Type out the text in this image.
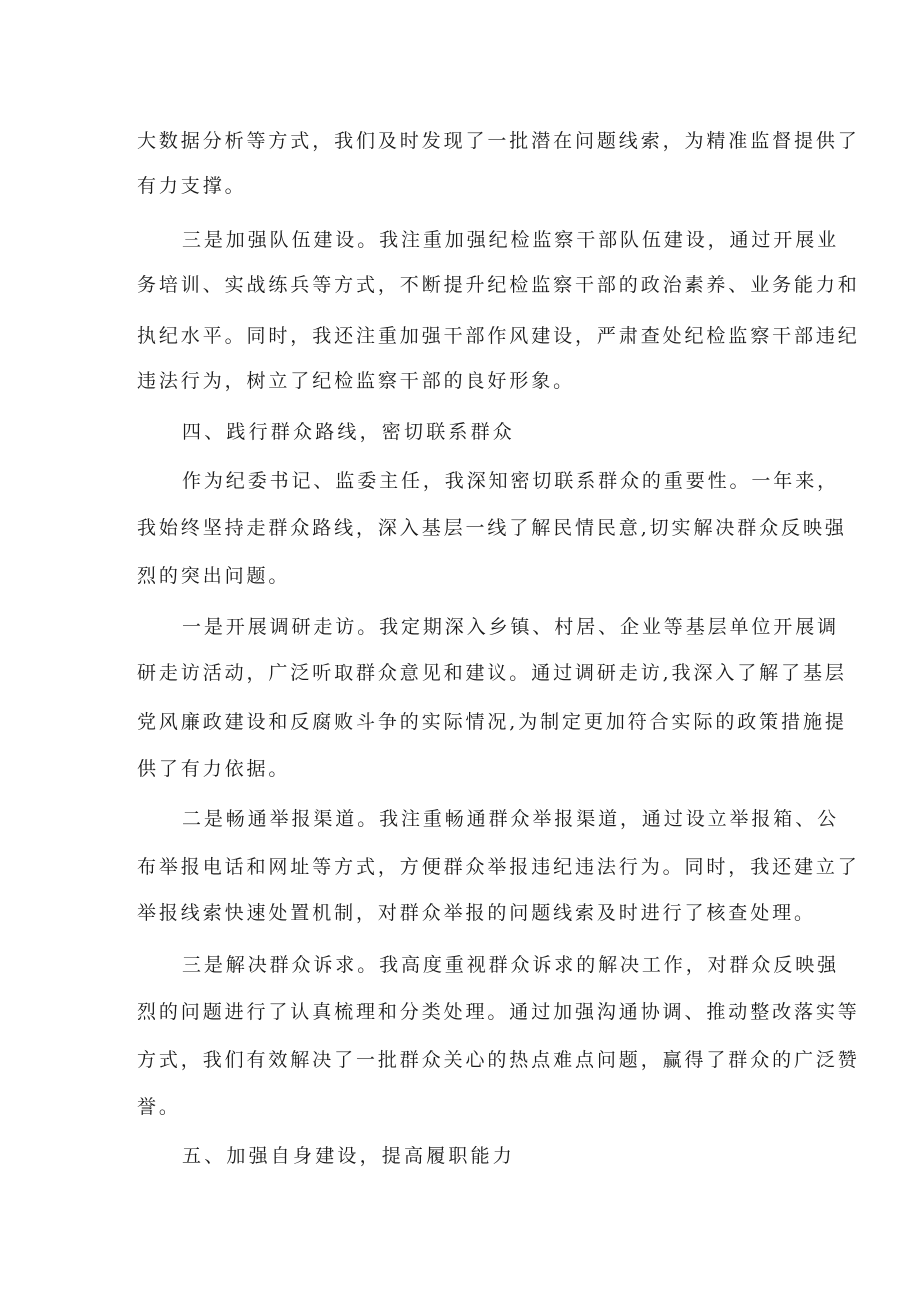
大数据分析等方式，我们及时发现了一批潜在问题线索，为精准监督提供了
有力支撑。
三是加强队伍建设。我注重加强纪检监察干部队伍建设，通过开展业
务培训、实战练兵等方式，不断提升纪检监察干部的政治素养、业务能力和
执纪水平。同时，我还注重加强干部作风建设，严肃查处纪检监察干部违纪
违法行为，树立了纪检监察干部的良好形象。
四、践行群众路线，密切联系群众
作为纪委书记、监委主任，我深知密切联系群众的重要性。一年来，
我始终坚持走群众路线，深入基层一线了解民情民意,切实解决群众反映强
烈的突出问题。
一是开展调研走访。我定期深入乡镇、村居、企业等基层单位开展调
研走访活动，广泛听取群众意见和建议。通过调研走访,我深入了解了基层
党风廉政建设和反腐败斗争的实际情况,为制定更加符合实际的政策措施提
供了有力依据。
二是畅通举报渠道。我注重畅通群众举报渠道，通过设立举报箱、公
布举报电话和网址等方式，方便群众举报违纪违法行为。同时，我还建立了
举报线索快速处置机制，对群众举报的问题线索及时进行了核查处理。
三是解决群众诉求。我高度重视群众诉求的解决工作，对群众反映强
烈的问题进行了认真梳理和分类处理。通过加强沟通协调、推动整改落实等
方式，我们有效解决了一批群众关心的热点难点问题，赢得了群众的广泛赞
誉。
五、加强自身建设，提高履职能力
